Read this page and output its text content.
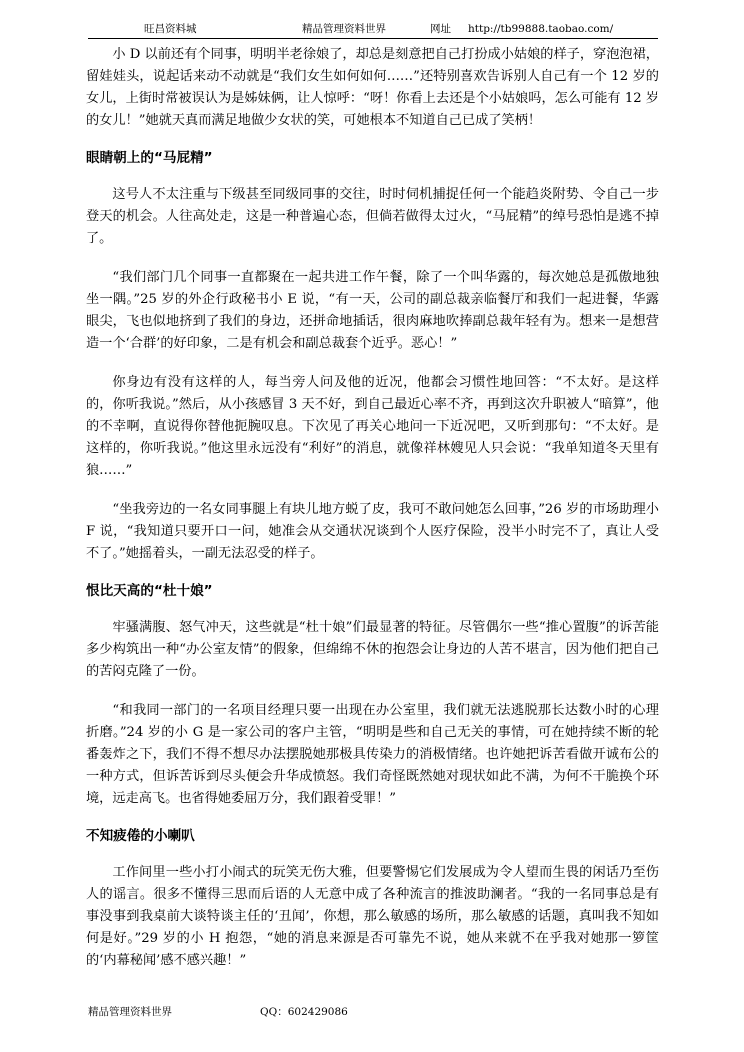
旺昌资料城	精品管理资料世界	网址 http://tb99888.taobao.com/

小 D 以前还有个同事，明明半老徐娘了，却总是刻意把自己打扮成小姑娘的样子，穿泡泡裙，留娃娃头，说起话来动不动就是“我们女生如何如何……”还特别喜欢告诉别人自己有一个 12 岁的女儿，上街时常被误认为是姊妹俩，让人惊呼：“呀！你看上去还是个小姑娘吗，怎么可能有 12 岁的女儿！”她就天真而满足地做少女状的笑，可她根本不知道自己已成了笑柄！

眼睛朝上的“马屁精”

这号人不太注重与下级甚至同级同事的交往，时时伺机捕捉任何一个能趋炎附势、令自己一步登天的机会。人往高处走，这是一种普遍心态，但倘若做得太过火，“马屁精”的绰号恐怕是逃不掉了。

“我们部门几个同事一直都聚在一起共进工作午餐，除了一个叫华露的，每次她总是孤傲地独坐一隅。”25 岁的外企行政秘书小 E 说，“有一天，公司的副总裁亲临餐厅和我们一起进餐，华露眼尖，飞也似地挤到了我们的身边，还拼命地插话，很肉麻地吹捧副总裁年轻有为。想来一是想营造一个‘合群’的好印象，二是有机会和副总裁套个近乎。恶心！”

你身边有没有这样的人，每当旁人问及他的近况，他都会习惯性地回答：“不太好。是这样的，你听我说。”然后，从小孩感冒 3 天不好，到自己最近心率不齐，再到这次升职被人“暗算”，他的不幸啊，直说得你替他扼腕叹息。下次见了再关心地问一下近况吧，又听到那句：“不太好。是这样的，你听我说。”他这里永远没有“利好”的消息，就像祥林嫂见人只会说：“我单知道冬天里有狼……”

“坐我旁边的一名女同事腿上有块儿地方蜕了皮，我可不敢问她怎么回事，”26 岁的市场助理小 F 说，“我知道只要开口一问，她准会从交通状况谈到个人医疗保险，没半小时完不了，真让人受不了。”她摇着头，一副无法忍受的样子。

恨比天高的“杜十娘”

牢骚满腹、怒气冲天，这些就是“杜十娘”们最显著的特征。尽管偶尔一些“推心置腹”的诉苦能多少构筑出一种“办公室友情”的假象，但绵绵不休的抱怨会让身边的人苦不堪言，因为他们把自己的苦闷克隆了一份。

“和我同一部门的一名项目经理只要一出现在办公室里，我们就无法逃脱那长达数小时的心理折磨。”24 岁的小 G 是一家公司的客户主管，“明明是些和自己无关的事情，可在她持续不断的轮番轰炸之下，我们不得不想尽办法摆脱她那极具传染力的消极情绪。也许她把诉苦看做开诚布公的一种方式，但诉苦诉到尽头便会升华成愤怒。我们奇怪既然她对现状如此不满，为何不干脆换个环境，远走高飞。也省得她委屈万分，我们跟着受罪！”

不知疲倦的小喇叭

工作间里一些小打小闹式的玩笑无伤大雅，但要警惕它们发展成为令人望而生畏的闲话乃至伤人的谣言。很多不懂得三思而后语的人无意中成了各种流言的推波助澜者。“我的一名同事总是有事没事到我桌前大谈特谈主任的‘丑闻’，你想，那么敏感的场所，那么敏感的话题，真叫我不知如何是好。”29 岁的小 H 抱怨，“她的消息来源是否可靠先不说，她从来就不在乎我对她那一箩筐的‘内幕秘闻’感不感兴趣！”

精品管理资料世界	QQ：602429086
